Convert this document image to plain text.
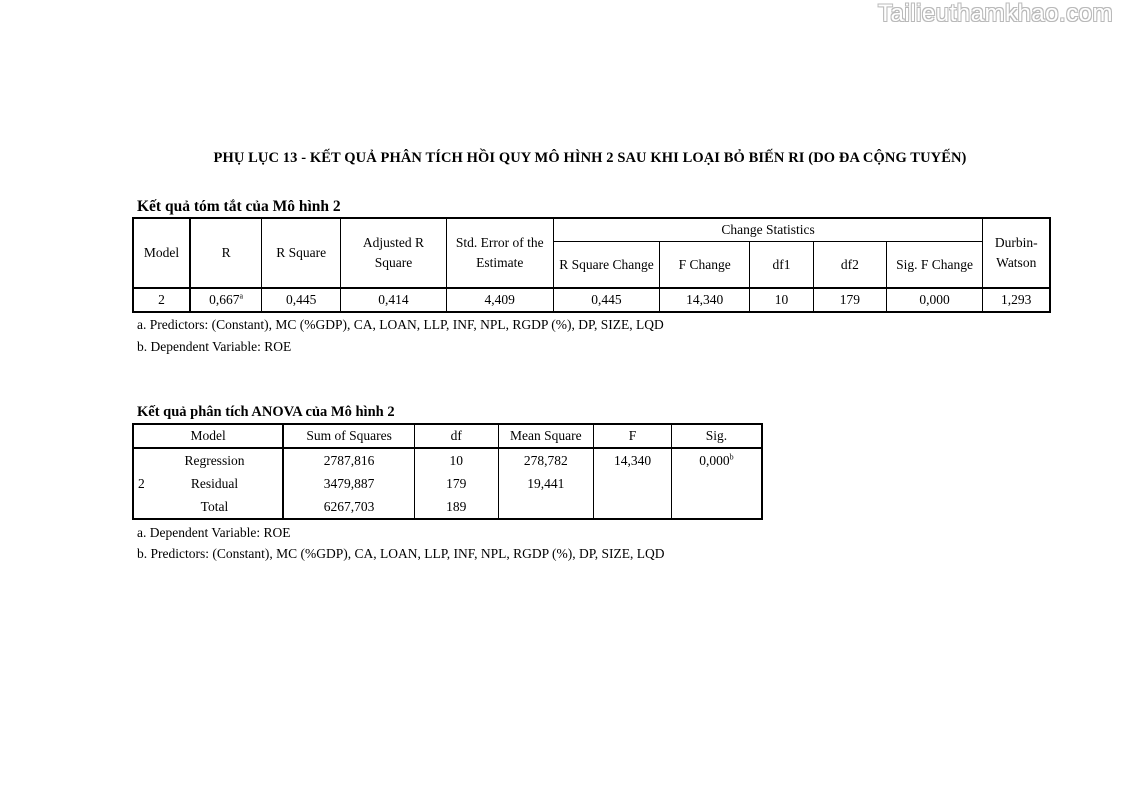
Tailieuthamkhao.com
PHỤ LỤC 13 - KẾT QUẢ PHÂN TÍCH HỒI QUY MÔ HÌNH 2 SAU KHI LOẠI BỎ BIẾN RI (DO ĐA CỘNG TUYẾN)
Kết quả tóm tắt của Mô hình 2
Model	R	R Square	Adjusted R Square	Std. Error of the Estimate	Change Statistics					Durbin-Watson
					R Square Change	F Change	df1	df2	Sig. F Change	
2	0,667$^a$	0,445	0,414	4,409	0,445	14,340	10	179	0,000	1,293
a. Predictors: (Constant), MC (%GDP), CA, LOAN, LLP, INF, NPL, RGDP (%), DP, SIZE, LQD
b. Dependent Variable: ROE
Kết quả phân tích ANOVA của Mô hình 2
Model		Sum of Squares	df	Mean Square	F	Sig.
2	Regression	2787,816	10	278,782	14,340	0,000$^b$
	Residual	3479,887	179	19,441		
	Total	6267,703	189			
a. Dependent Variable: ROE
b. Predictors: (Constant), MC (%GDP), CA, LOAN, LLP, INF, NPL, RGDP (%), DP, SIZE, LQD
